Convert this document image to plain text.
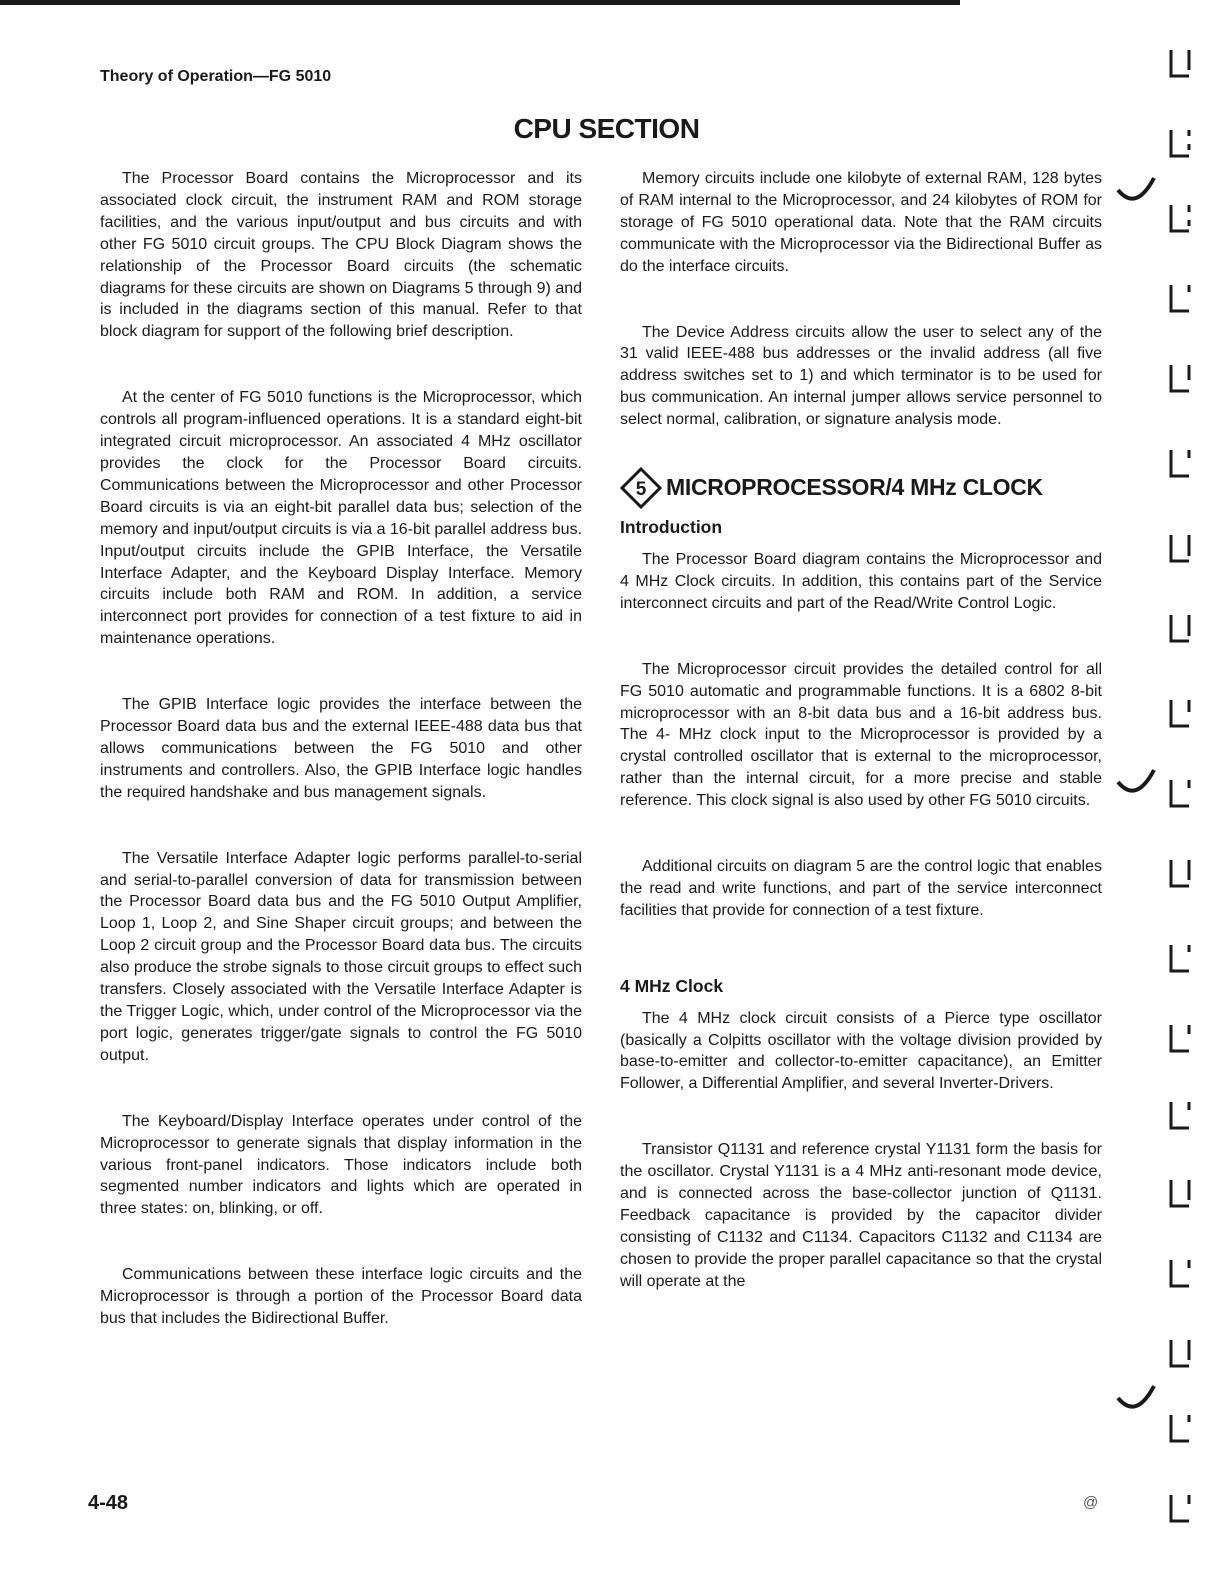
Theory of Operation—FG 5010
CPU SECTION

The Processor Board contains the Microprocessor and its associated clock circuit, the instrument RAM and ROM storage facilities, and the various input/output and bus circuits and with other FG 5010 circuit groups. The CPU Block Diagram shows the relationship of the Processor Board circuits (the schematic diagrams for these circuits are shown on Diagrams 5 through 9) and is included in the diagrams section of this manual. Refer to that block diagram for support of the following brief description.

At the center of FG 5010 functions is the Microprocessor, which controls all program-influenced operations. It is a standard eight-bit integrated circuit microprocessor. An associated 4 MHz oscillator provides the clock for the Processor Board circuits. Communications between the Microprocessor and other Processor Board circuits is via an eight-bit parallel data bus; selection of the memory and input/output circuits is via a 16-bit parallel address bus. Input/output circuits include the GPIB Interface, the Versatile Interface Adapter, and the Keyboard Display Interface. Memory circuits include both RAM and ROM. In addition, a service interconnect port provides for connection of a test fixture to aid in maintenance operations.

The GPIB Interface logic provides the interface between the Processor Board data bus and the external IEEE-488 data bus that allows communications between the FG 5010 and other instruments and controllers. Also, the GPIB Interface logic handles the required handshake and bus management signals.

The Versatile Interface Adapter logic performs parallel-to-serial and serial-to-parallel conversion of data for transmission between the Processor Board data bus and the FG 5010 Output Amplifier, Loop 1, Loop 2, and Sine Shaper circuit groups; and between the Loop 2 circuit group and the Processor Board data bus. The circuits also produce the strobe signals to those circuit groups to effect such transfers. Closely associated with the Versatile Interface Adapter is the Trigger Logic, which, under control of the Microprocessor via the port logic, generates trigger/gate signals to control the FG 5010 output.

The Keyboard/Display Interface operates under control of the Microprocessor to generate signals that display information in the various front-panel indicators. Those indicators include both segmented number indicators and lights which are operated in three states: on, blinking, or off.

Communications between these interface logic circuits and the Microprocessor is through a portion of the Processor Board data bus that includes the Bidirectional Buffer.

Memory circuits include one kilobyte of external RAM, 128 bytes of RAM internal to the Microprocessor, and 24 kilobytes of ROM for storage of FG 5010 operational data. Note that the RAM circuits communicate with the Microprocessor via the Bidirectional Buffer as do the interface circuits.

The Device Address circuits allow the user to select any of the 31 valid IEEE-488 bus addresses or the invalid address (all five address switches set to 1) and which terminator is to be used for bus communication. An internal jumper allows service personnel to select normal, calibration, or signature analysis mode.

5 MICROPROCESSOR/4 MHz CLOCK
Introduction

The Processor Board diagram contains the Microprocessor and 4 MHz Clock circuits. In addition, this contains part of the Service interconnect circuits and part of the Read/Write Control Logic.

The Microprocessor circuit provides the detailed control for all FG 5010 automatic and programmable functions. It is a 6802 8-bit microprocessor with an 8-bit data bus and a 16-bit address bus. The 4- MHz clock input to the Microprocessor is provided by a crystal controlled oscillator that is external to the microprocessor, rather than the internal circuit, for a more precise and stable reference. This clock signal is also used by other FG 5010 circuits.

Additional circuits on diagram 5 are the control logic that enables the read and write functions, and part of the service interconnect facilities that provide for connection of a test fixture.

4 MHz Clock

The 4 MHz clock circuit consists of a Pierce type oscillator (basically a Colpitts oscillator with the voltage division provided by base-to-emitter and collector-to-emitter capacitance), an Emitter Follower, a Differential Amplifier, and several Inverter-Drivers.

Transistor Q1131 and reference crystal Y1131 form the basis for the oscillator. Crystal Y1131 is a 4 MHz anti-resonant mode device, and is connected across the base-collector junction of Q1131. Feedback capacitance is provided by the capacitor divider consisting of C1132 and C1134. Capacitors C1132 and C1134 are chosen to provide the proper parallel capacitance so that the crystal will operate at the

4-48	@
